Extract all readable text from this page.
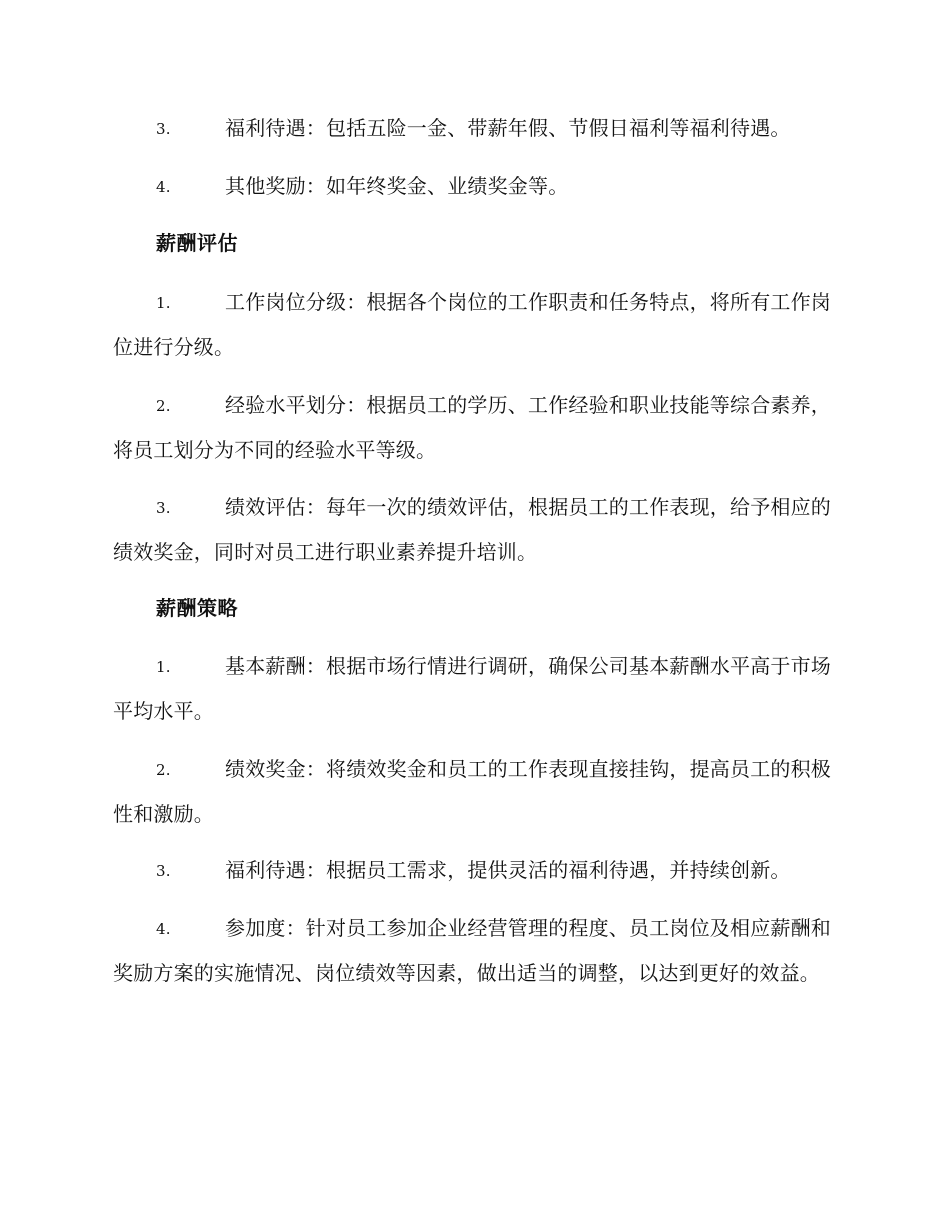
3.	福利待遇：包括五险一金、带薪年假、节假日福利等福利待遇。
4.	其他奖励：如年终奖金、业绩奖金等。
薪酬评估
1.	工作岗位分级：根据各个岗位的工作职责和任务特点，将所有工作岗位进行分级。
2.	经验水平划分：根据员工的学历、工作经验和职业技能等综合素养，将员工划分为不同的经验水平等级。
3.	绩效评估：每年一次的绩效评估，根据员工的工作表现，给予相应的绩效奖金，同时对员工进行职业素养提升培训。
薪酬策略
1.	基本薪酬：根据市场行情进行调研，确保公司基本薪酬水平高于市场平均水平。
2.	绩效奖金：将绩效奖金和员工的工作表现直接挂钩，提高员工的积极性和激励。
3.	福利待遇：根据员工需求，提供灵活的福利待遇，并持续创新。
4.	参加度：针对员工参加企业经营管理的程度、员工岗位及相应薪酬和奖励方案的实施情况、岗位绩效等因素，做出适当的调整，以达到更好的效益。
